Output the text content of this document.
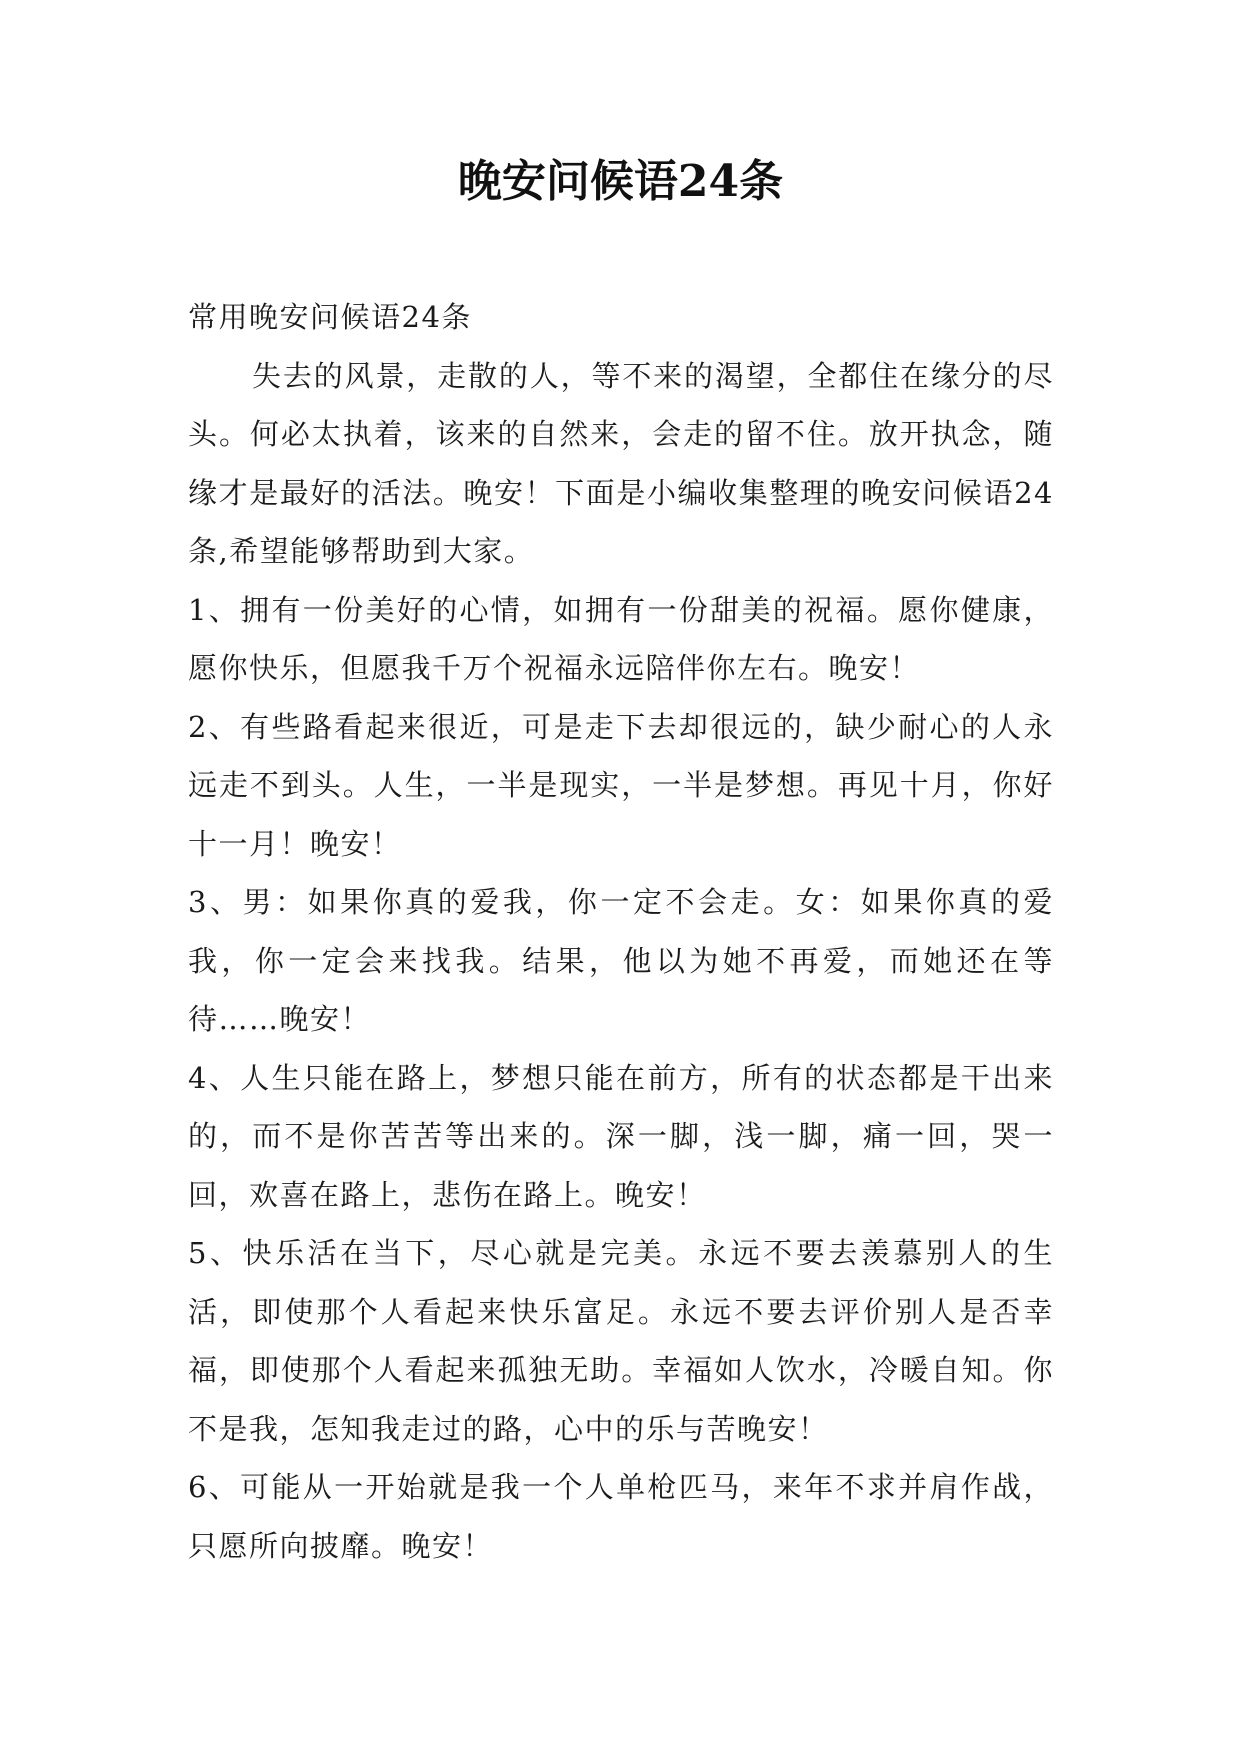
晚安问候语24条

常用晚安问候语24条

失去的风景，走散的人，等不来的渴望，全都住在缘分的尽头。何必太执着，该来的自然来，会走的留不住。放开执念，随缘才是最好的活法。晚安！下面是小编收集整理的晚安问候语24条,希望能够帮助到大家。

1、拥有一份美好的心情，如拥有一份甜美的祝福。愿你健康，愿你快乐，但愿我千万个祝福永远陪伴你左右。晚安！

2、有些路看起来很近，可是走下去却很远的，缺少耐心的人永远走不到头。人生，一半是现实，一半是梦想。再见十月，你好十一月！晚安！

3、男：如果你真的爱我，你一定不会走。女：如果你真的爱我，你一定会来找我。结果，他以为她不再爱，而她还在等待……晚安！

4、人生只能在路上，梦想只能在前方，所有的状态都是干出来的，而不是你苦苦等出来的。深一脚，浅一脚，痛一回，哭一回，欢喜在路上，悲伤在路上。晚安！

5、快乐活在当下，尽心就是完美。永远不要去羡慕别人的生活，即使那个人看起来快乐富足。永远不要去评价别人是否幸福，即使那个人看起来孤独无助。幸福如人饮水，冷暖自知。你不是我，怎知我走过的路，心中的乐与苦晚安！

6、可能从一开始就是我一个人单枪匹马，来年不求并肩作战，只愿所向披靡。晚安！
